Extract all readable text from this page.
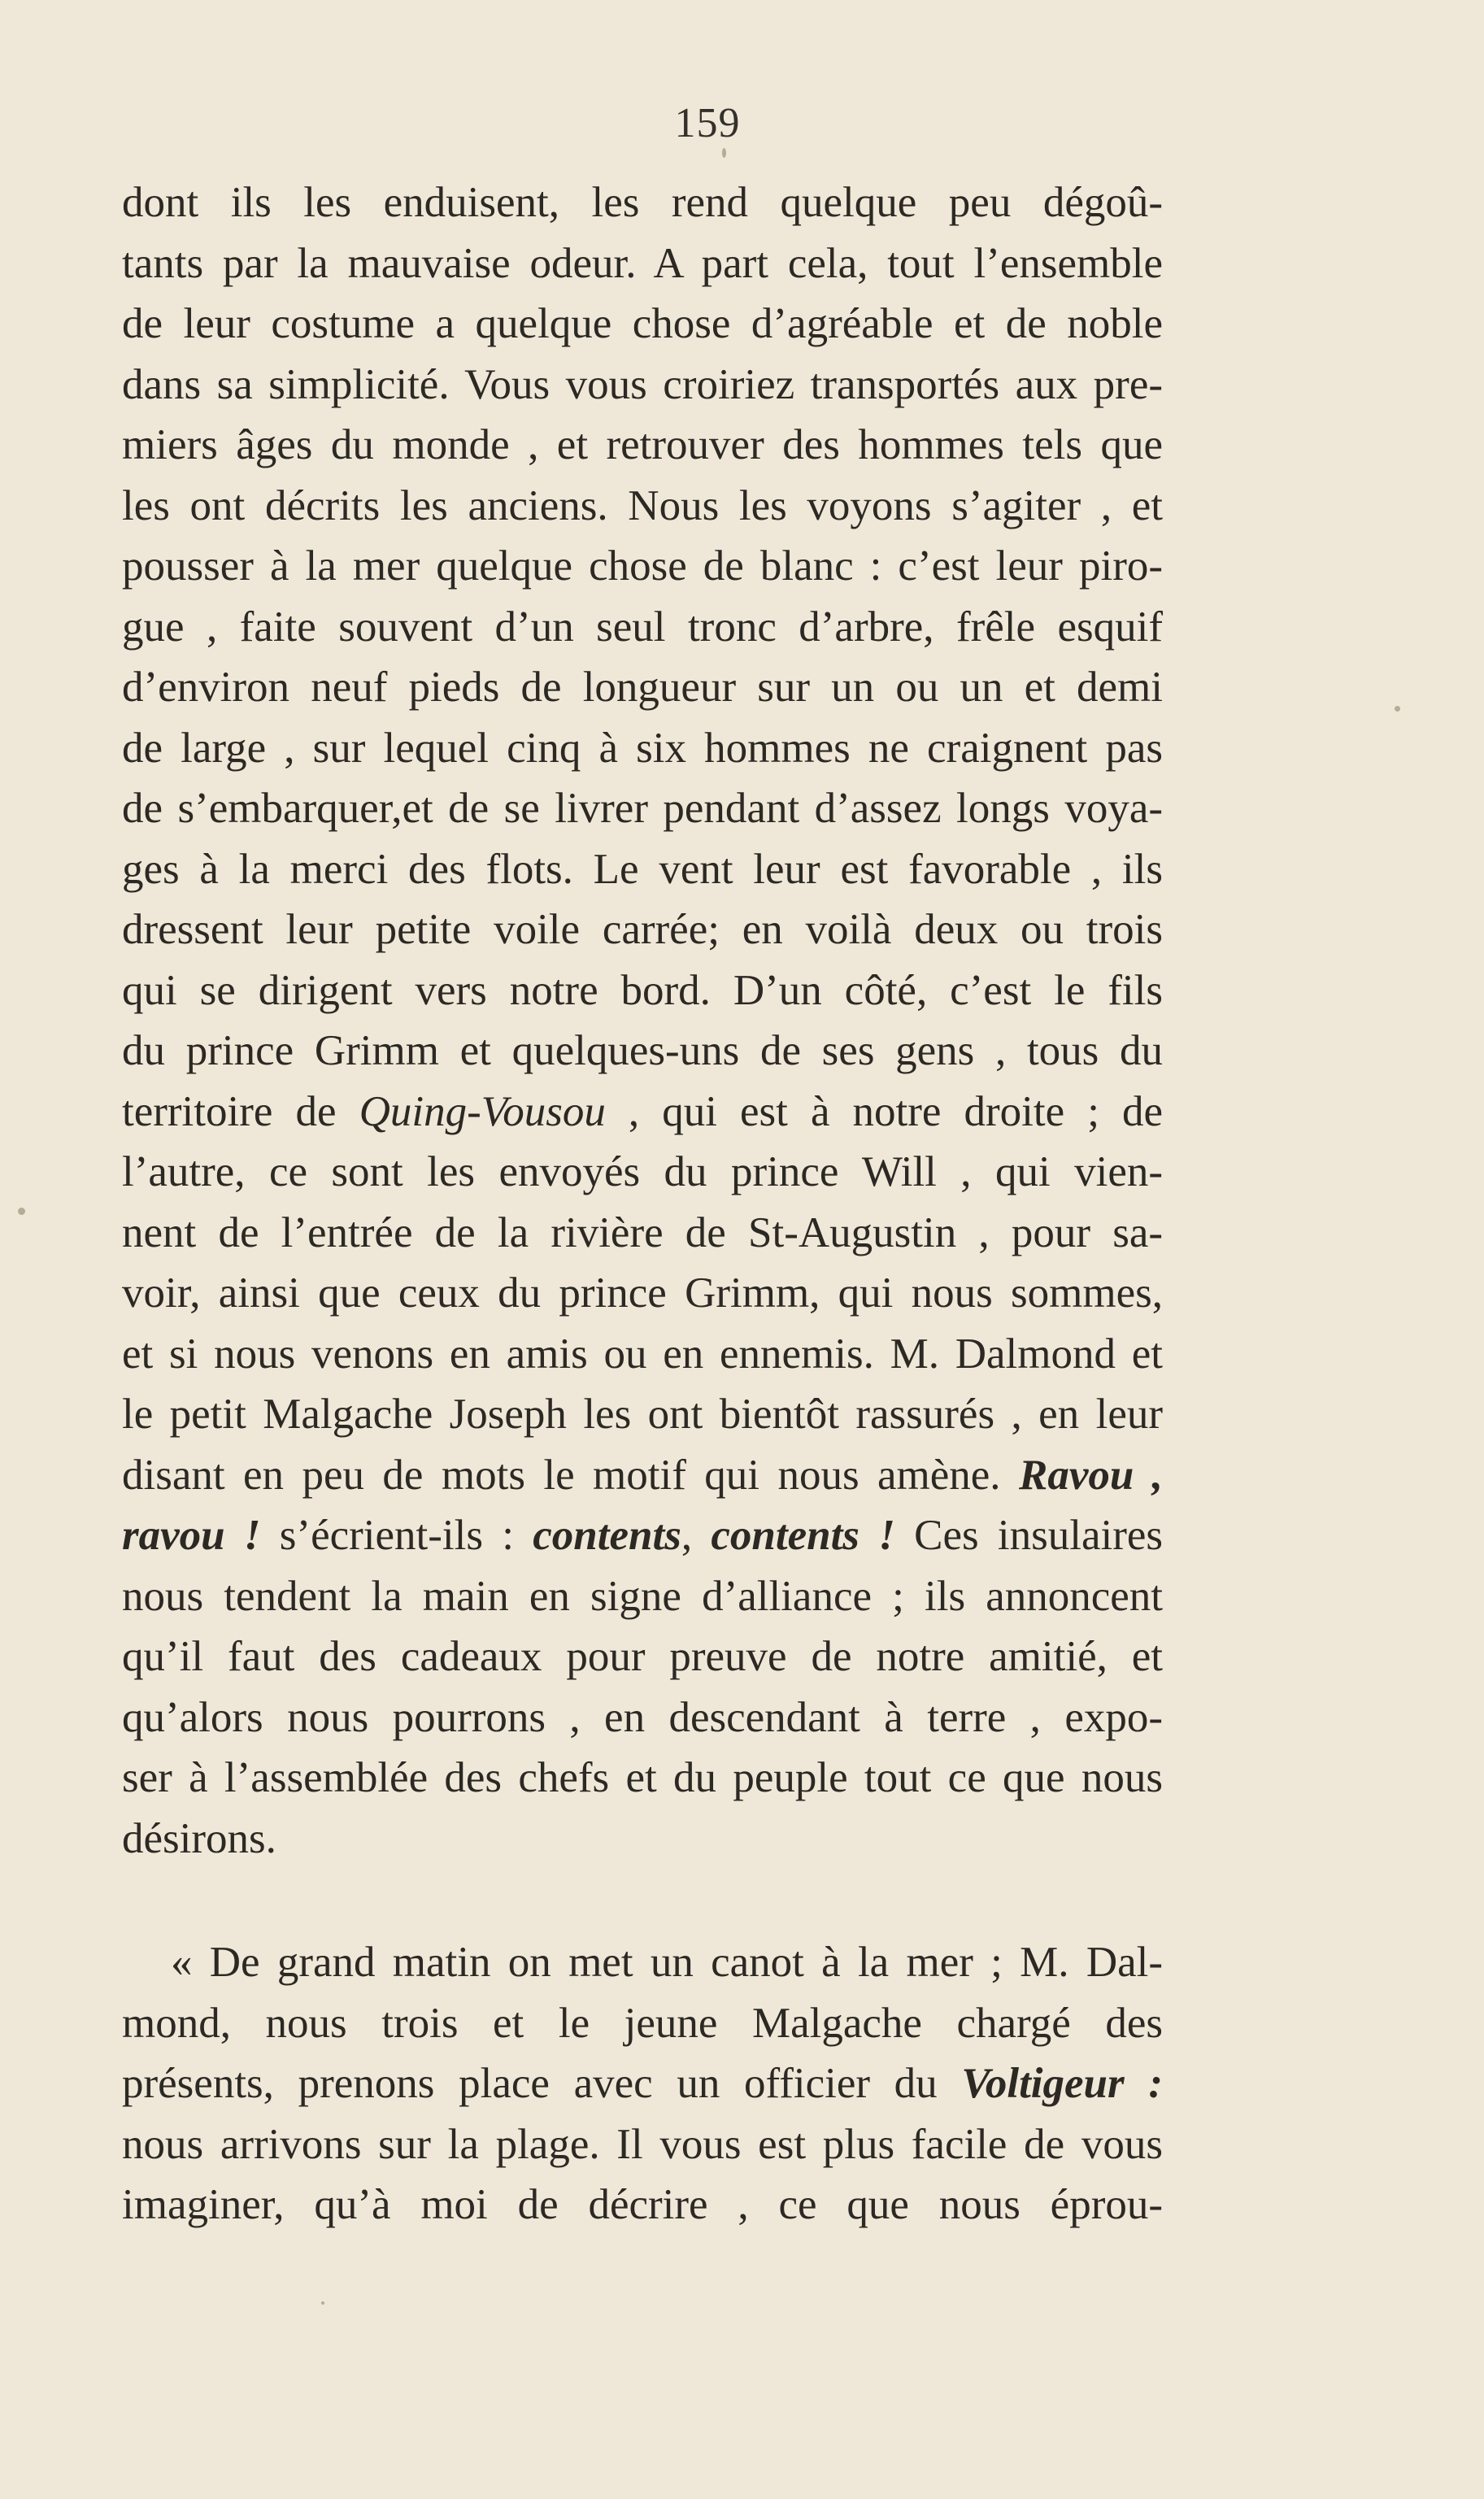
159
dont ils les enduisent, les rend quelque peu dégoû-
tants par la mauvaise odeur. A part cela, tout l’ensemble
de leur costume a quelque chose d’agréable et de noble
dans sa simplicité. Vous vous croiriez transportés aux pre-
miers âges du monde , et retrouver des hommes tels que
les ont décrits les anciens. Nous les voyons s’agiter , et
pousser à la mer quelque chose de blanc : c’est leur piro-
gue , faite souvent d’un seul tronc d’arbre, frêle esquif
d’environ neuf pieds de longueur sur un ou un et demi
de large , sur lequel cinq à six hommes ne craignent pas
de s’embarquer,et de se livrer pendant d’assez longs voya-
ges à la merci des flots. Le vent leur est favorable , ils
dressent leur petite voile carrée; en voilà deux ou trois
qui se dirigent vers notre bord. D’un côté, c’est le fils
du prince Grimm et quelques-uns de ses gens , tous du
territoire de Quing-Vousou , qui est à notre droite ; de
l’autre, ce sont les envoyés du prince Will , qui vien-
nent de l’entrée de la rivière de St-Augustin , pour sa-
voir, ainsi que ceux du prince Grimm, qui nous sommes,
et si nous venons en amis ou en ennemis. M. Dalmond et
le petit Malgache Joseph les ont bientôt rassurés , en leur
disant en peu de mots le motif qui nous amène. Ravou ,
ravou ! s’écrient-ils : contents, contents ! Ces insulaires
nous tendent la main en signe d’alliance ; ils annoncent
qu’il faut des cadeaux pour preuve de notre amitié, et
qu’alors nous pourrons , en descendant à terre , expo-
ser à l’assemblée des chefs et du peuple tout ce que nous
désirons.
« De grand matin on met un canot à la mer ; M. Dal-
mond, nous trois et le jeune Malgache chargé des
présents, prenons place avec un officier du Voltigeur :
nous arrivons sur la plage. Il vous est plus facile de vous
imaginer, qu’à moi de décrire , ce que nous éprou-
